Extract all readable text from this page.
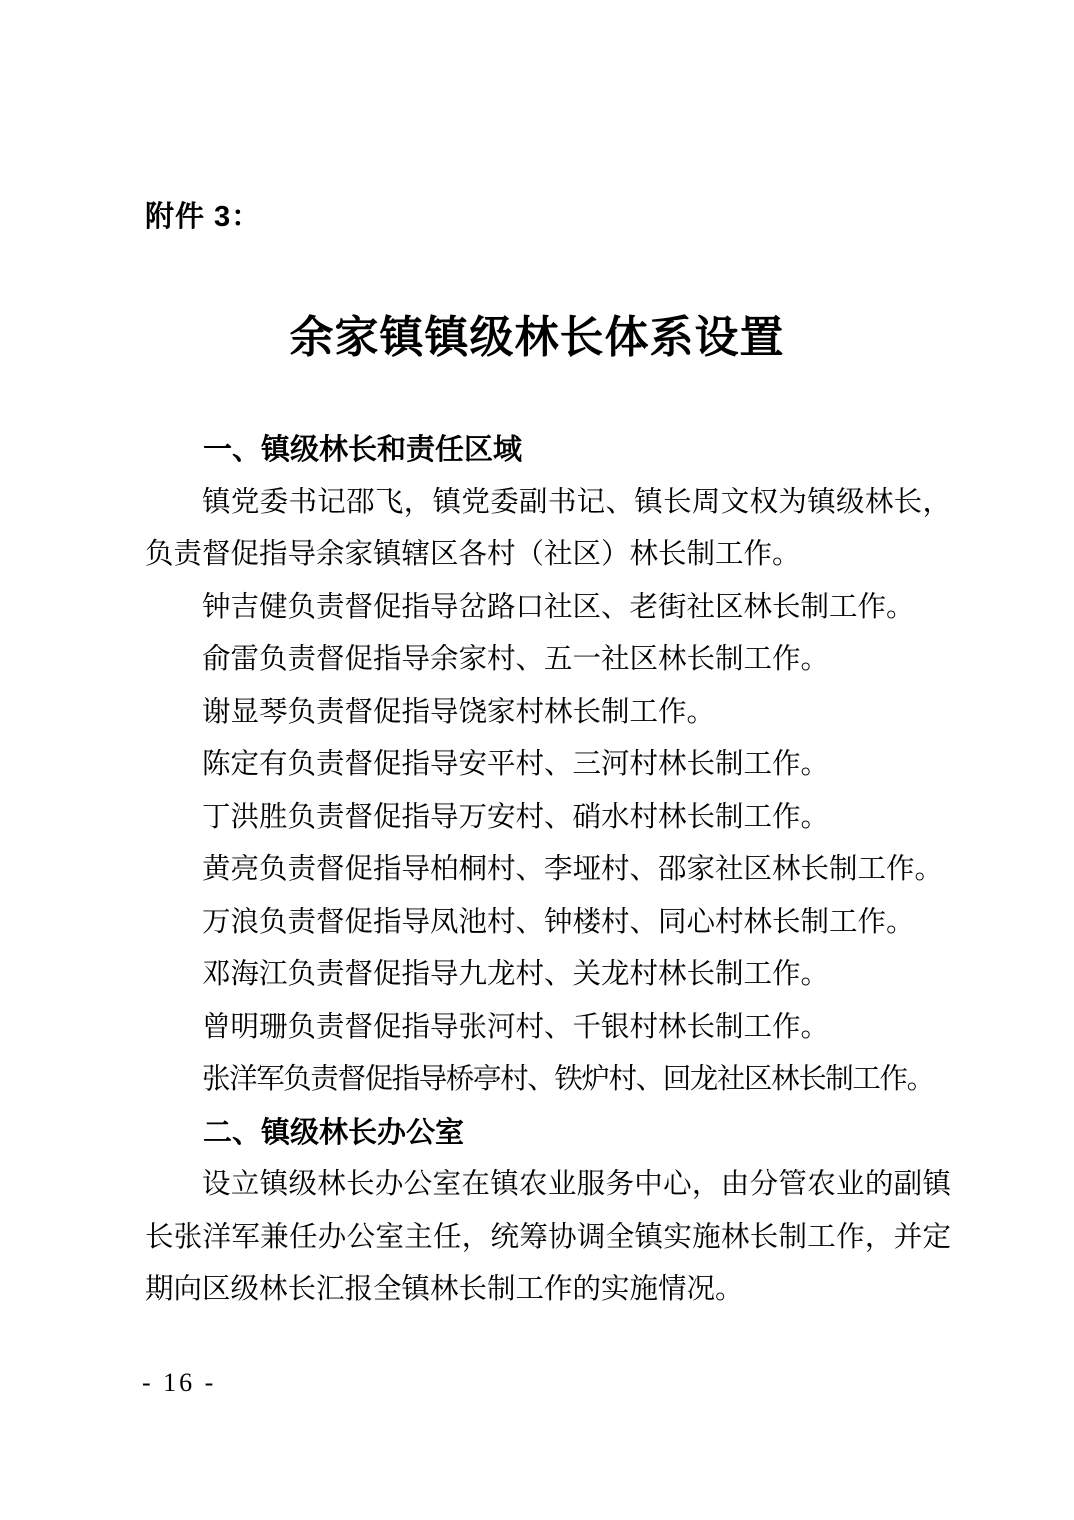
附件 3：
余家镇镇级林长体系设置
一、镇级林长和责任区域

镇党委书记邵飞，镇党委副书记、镇长周文权为镇级林长，负责督促指导余家镇辖区各村（社区）林长制工作。

钟吉健负责督促指导岔路口社区、老街社区林长制工作。

俞雷负责督促指导余家村、五一社区林长制工作。

谢显琴负责督促指导饶家村林长制工作。

陈定有负责督促指导安平村、三河村林长制工作。

丁洪胜负责督促指导万安村、硝水村林长制工作。

黄亮负责督促指导柏桐村、李垭村、邵家社区林长制工作。

万浪负责督促指导凤池村、钟楼村、同心村林长制工作。

邓海江负责督促指导九龙村、关龙村林长制工作。

曾明珊负责督促指导张河村、千银村林长制工作。

张洋军负责督促指导桥亭村、铁炉村、回龙社区林长制工作。

二、镇级林长办公室

设立镇级林长办公室在镇农业服务中心，由分管农业的副镇长张洋军兼任办公室主任，统筹协调全镇实施林长制工作，并定期向区级林长汇报全镇林长制工作的实施情况。

- 16 -
